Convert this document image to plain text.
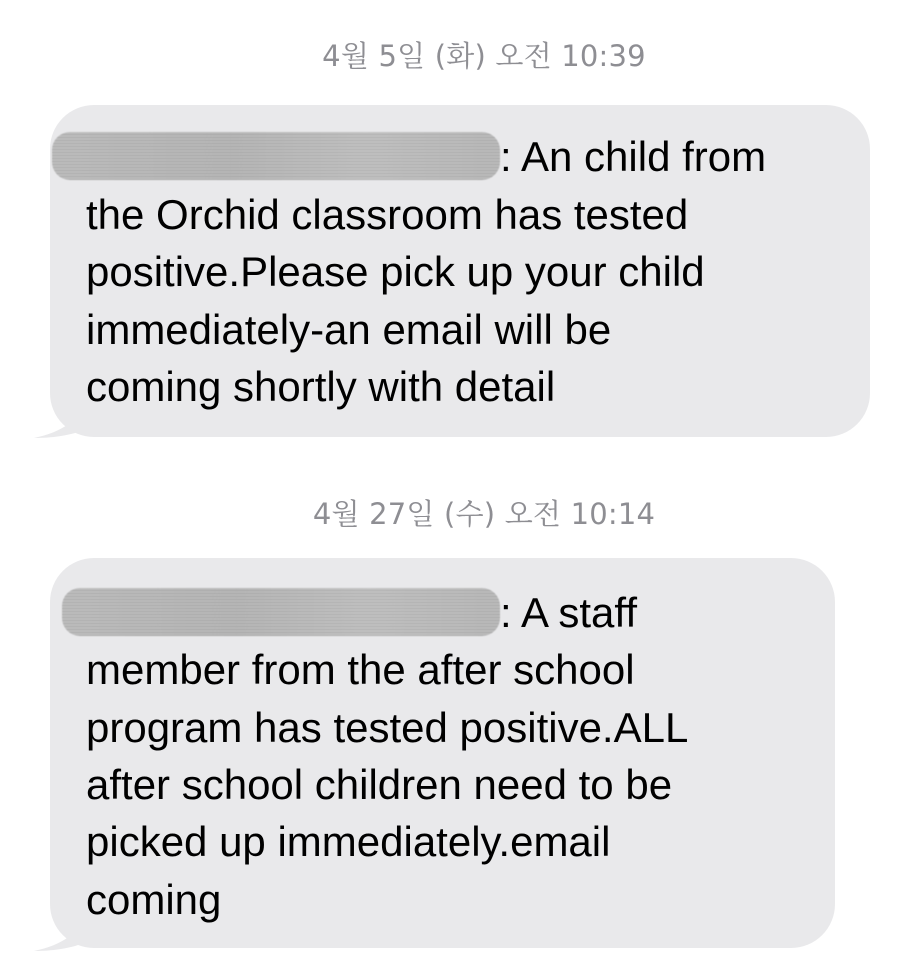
4월 5일 (화) 오전 10:39
: An child from
the Orchid classroom has tested
positive.Please pick up your child
immediately-an email will be
coming shortly with detail
4월 27일 (수) 오전 10:14
: A staff
member from the after school
program has tested positive.ALL
after school children need to be
picked up immediately.email
coming
